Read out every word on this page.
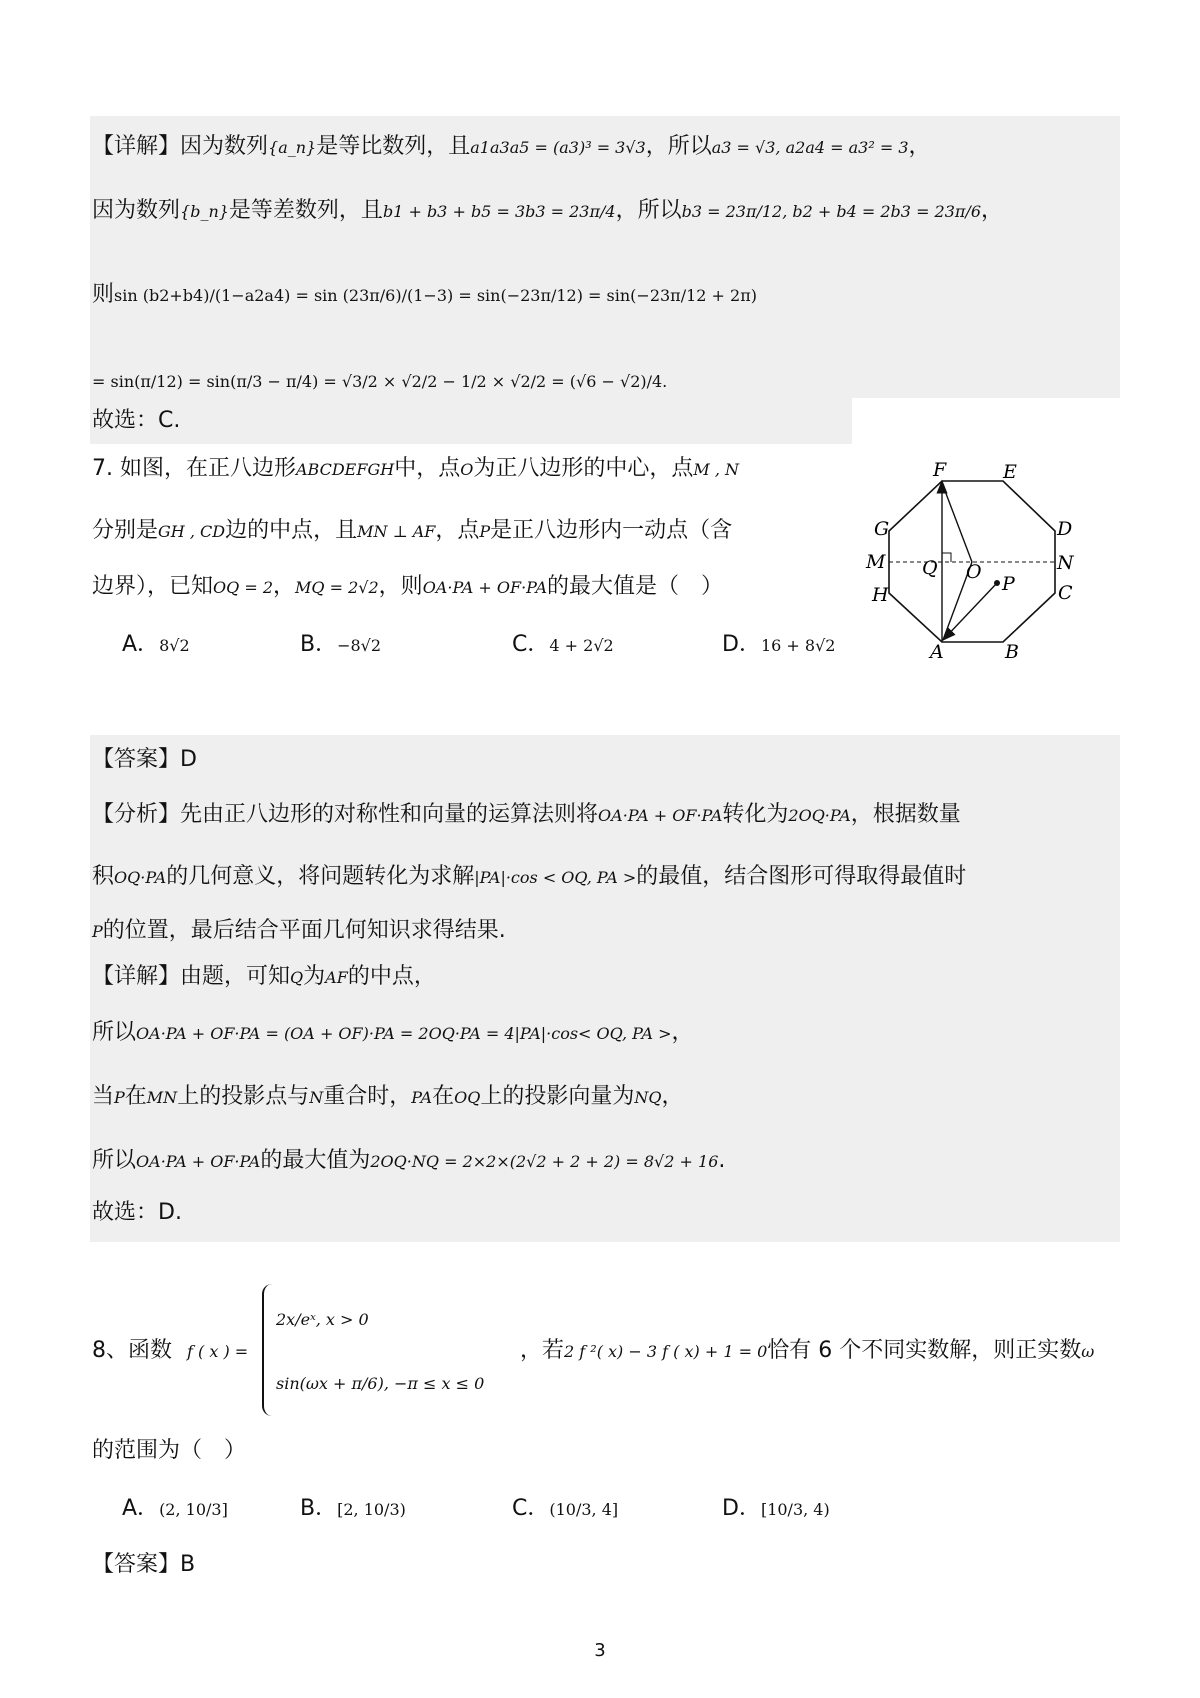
【详解】因为数列{a_n}是等比数列，且a1a3a5 = (a3)³ = 3√3，所以a3 = √3, a2a4 = a3² = 3，
因为数列{b_n}是等差数列，且b1 + b3 + b5 = 3b3 = 23π/4，所以b3 = 23π/12, b2 + b4 = 2b3 = 23π/6，
则sin (b2+b4)/(1−a2a4) = sin (23π/6)/(1−3) = sin(−23π/12) = sin(−23π/12 + 2π)
= sin(π/12) = sin(π/3 − π/4) = √3/2 × √2/2 − 1/2 × √2/2 = (√6 − √2)/4.
故选：C.
7. 如图，在正八边形ABCDEFGH中，点O为正八边形的中心，点M , N
分别是GH , CD边的中点，且MN ⊥ AF，点P是正八边形内一动点（含
边界），已知OQ = 2，MQ = 2√2，则OA·PA + OF·PA的最大值是（　）
A．8√2	B．−8√2	C．4 + 2√2	D．16 + 8√2
F	E
G	D
M Q O	N
H	C
P
A	B
【答案】D
【分析】先由正八边形的对称性和向量的运算法则将OA·PA + OF·PA转化为2OQ·PA，根据数量
积OQ·PA的几何意义，将问题转化为求解|PA|·cos < OQ, PA >的最值，结合图形可得取得最值时
P的位置，最后结合平面几何知识求得结果.
【详解】由题，可知Q为AF的中点，
所以OA·PA + OF·PA = (OA + OF)·PA = 2OQ·PA = 4|PA|·cos< OQ, PA >，
当P在MN上的投影点与N重合时，PA在OQ上的投影向量为NQ，
所以OA·PA + OF·PA的最大值为2OQ·NQ = 2×2×(2√2 + 2 + 2) = 8√2 + 16.
故选：D.
8、函数 f ( x ) =
2x/eˣ, x > 0
sin(ωx + π/6), −π ≤ x ≤ 0
，若2 f ²( x) − 3 f ( x) + 1 = 0恰有 6 个不同实数解，则正实数ω
的范围为（　）
A．(2, 10/3]	B．[2, 10/3)	C．(10/3, 4]	D．[10/3, 4)
【答案】B
3
